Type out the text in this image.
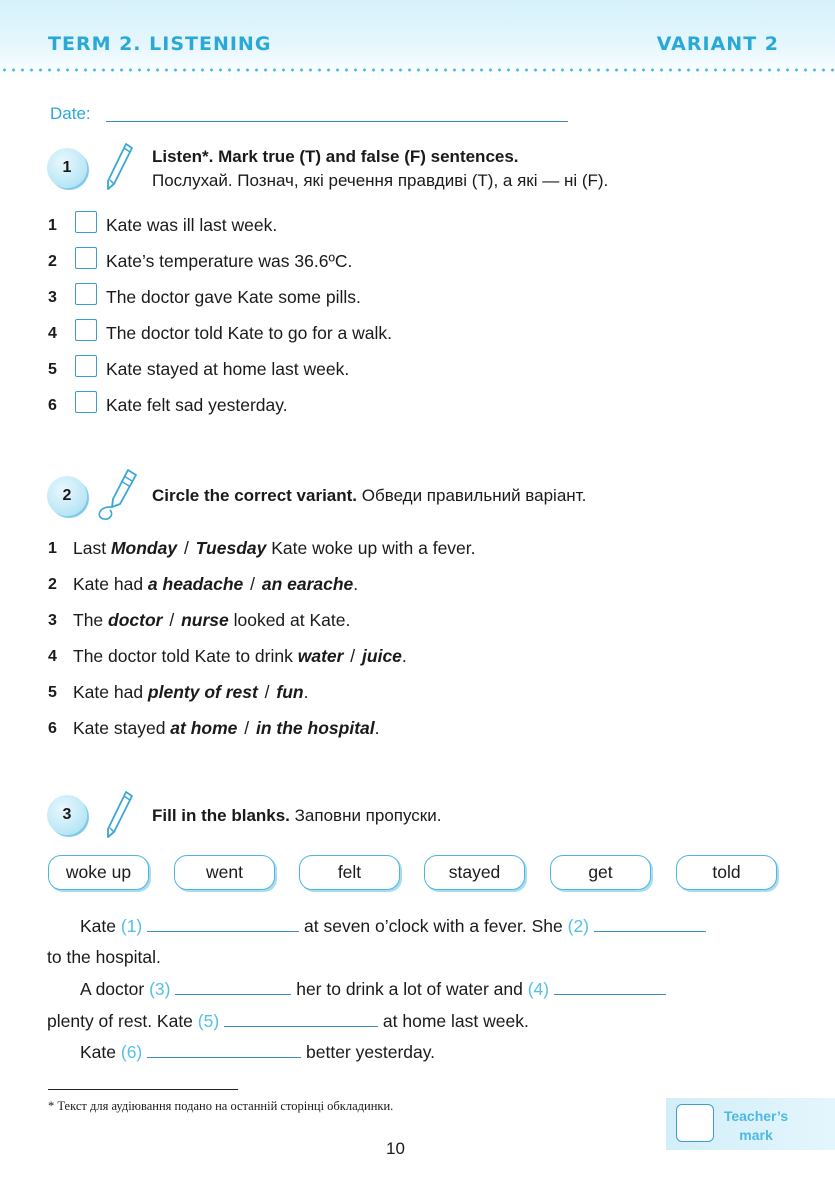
TERM 2. LISTENING	VARIANT 2
Date:
1
Listen*. Mark true (T) and false (F) sentences.
Послухай. Познач, які речення правдиві (T), а які — ні (F).
1	Kate was ill last week.
2	Kate’s temperature was 36.6ºC.
3	The doctor gave Kate some pills.
4	The doctor told Kate to go for a walk.
5	Kate stayed at home last week.
6	Kate felt sad yesterday.
2	Circle the correct variant. Обведи правильний варіант.
1 Last Monday / Tuesday Kate woke up with a fever.
2 Kate had a headache / an earache.
3 The doctor / nurse looked at Kate.
4 The doctor told Kate to drink water / juice.
5 Kate had plenty of rest / fun.
6 Kate stayed at home / in the hospital.
3	Fill in the blanks. Заповни пропуски.
woke up	went	felt	stayed	get	told
Kate (1)	at seven o’clock with a fever. She (2)
to the hospital.
A doctor (3)	her to drink a lot of water and (4)
plenty of rest. Kate (5)	at home last week.
Kate (6)	better yesterday.
* Текст для аудіювання подано на останній сторінці обкладинки.
10
Teacher’s
mark
